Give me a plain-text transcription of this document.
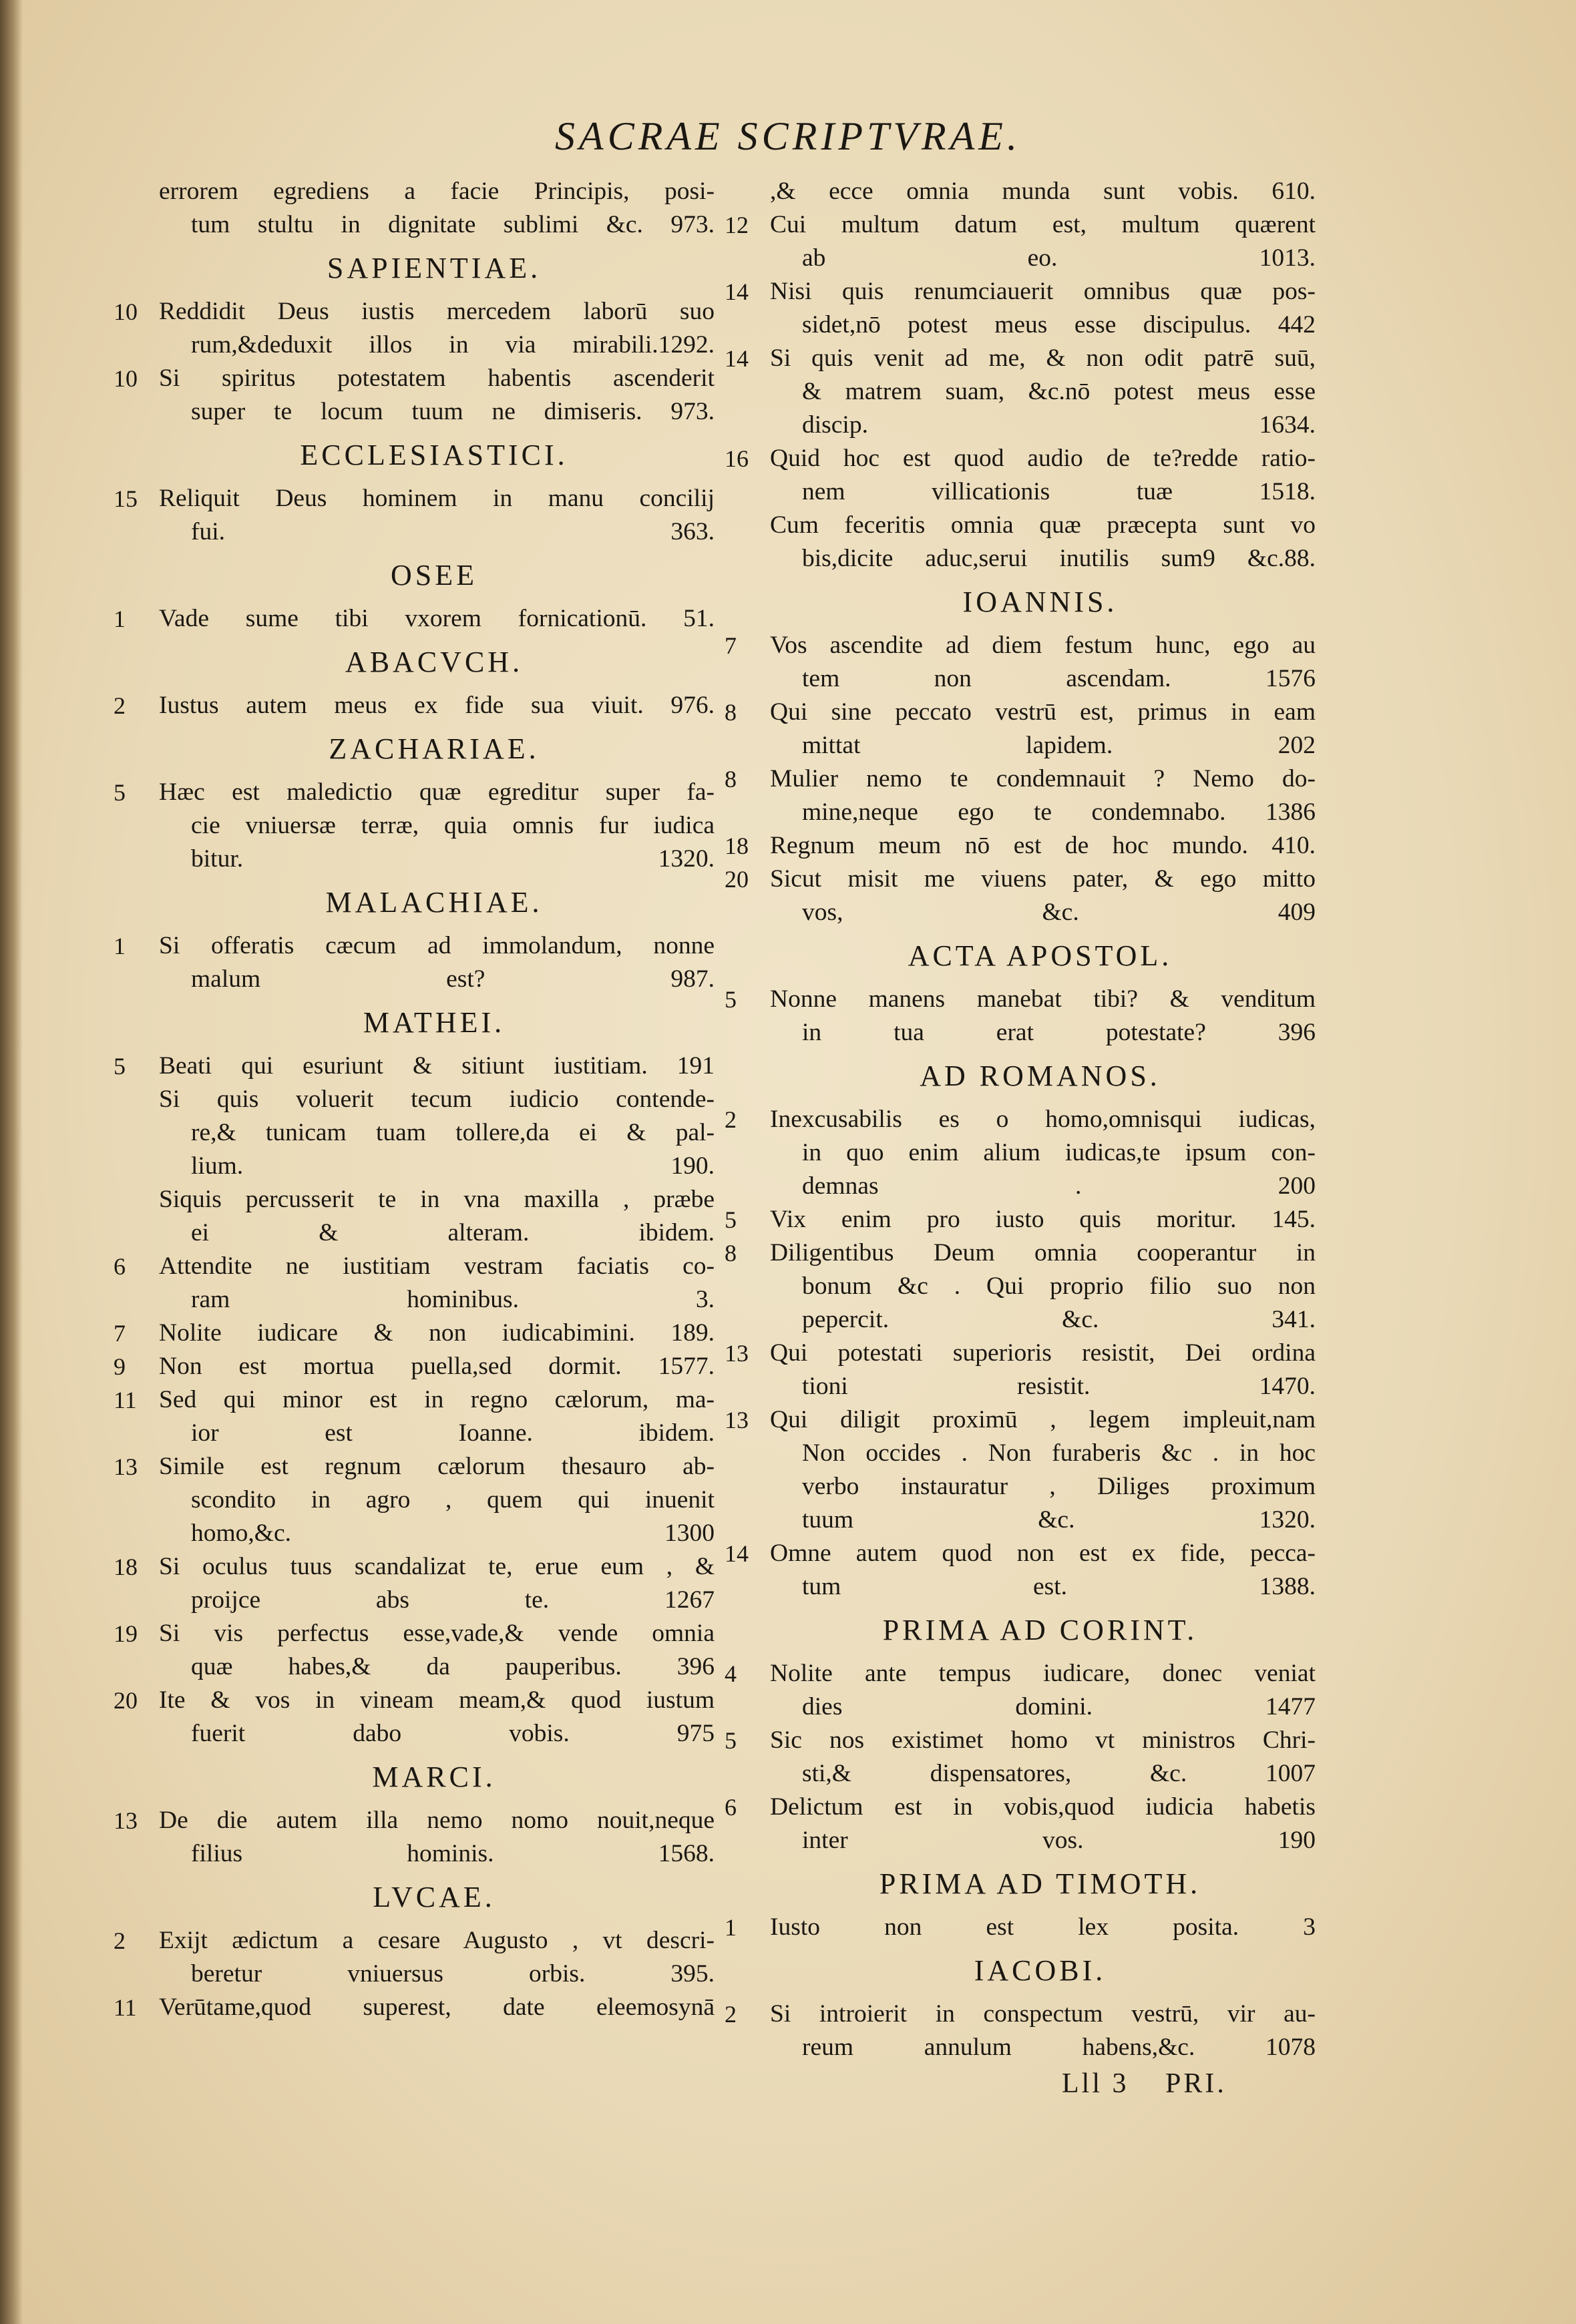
SACRAE SCRIPTVRAE.
errorem egrediens a facie Principis, posi-
tum stultu in dignitate sublimi &c. 973.
SAPIENTIAE.
10 Reddidit Deus iustis mercedem laborū suo
rum,&deduxit illos in via mirabili.1292.
10 Si spiritus potestatem habentis ascenderit
super te locum tuum ne dimiseris. 973.
ECCLESIASTICI.
15 Reliquit Deus hominem in manu concilij
fui. 363.
OSEE
1	Vade sume tibi vxorem fornicationū. 51.
ABACVCH.
2	Iustus autem meus ex fide sua viuit. 976.
ZACHARIAE.
5	Hæc est maledictio quæ egreditur super fa-
cie vniuersæ terræ, quia omnis fur iudica
bitur. 1320.
MALACHIAE.
1	Si offeratis cæcum ad immolandum, nonne
malum est? 987.
MATHEI.
5	Beati qui esuriunt & sitiunt iustitiam. 191
Si quis voluerit tecum iudicio contende-
re,& tunicam tuam tollere,da ei & pal-
lium. 190.
Siquis percusserit te in vna maxilla , præbe
ei & alteram. ibidem.
6	Attendite ne iustitiam vestram faciatis co-
ram hominibus. 3.
7	Nolite iudicare & non iudicabimini. 189.
9	Non est mortua puella,sed dormit. 1577.
11 Sed qui minor est in regno cælorum, ma-
ior est Ioanne. ibidem.
13 Simile est regnum cælorum thesauro ab-
scondito in agro , quem qui inuenit
homo,&c. 1300
18 Si oculus tuus scandalizat te, erue eum , &
proijce abs te. 1267
19 Si vis perfectus esse,vade,& vende omnia
quæ habes,& da pauperibus. 396
20 Ite & vos in vineam meam,& quod iustum
fuerit dabo vobis. 975
MARCI.
13 De die autem illa nemo nomo nouit,neque
filius hominis. 1568.
LVCAE.
2	Exijt ædictum a cesare Augusto , vt descri-
beretur vniuersus orbis. 395.
11 Verūtame,quod superest, date eleemosynā
,& ecce omnia munda sunt vobis. 610.
12 Cui multum datum est, multum quærent
ab eo. 1013.
14 Nisi quis renumciauerit omnibus quæ pos-
sidet,nō potest meus esse discipulus. 442
14 Si quis venit ad me, & non odit patrē suū,
& matrem suam, &c.nō potest meus esse
discip. 1634.
16 Quid hoc est quod audio de te?redde ratio-
nem villicationis tuæ 1518.
Cum feceritis omnia quæ præcepta sunt vo
bis,dicite aduc,serui inutilis sum9 &c.88.
IOANNIS.
7	Vos ascendite ad diem festum hunc, ego au
tem non ascendam. 1576
8	Qui sine peccato vestrū est, primus in eam
mittat lapidem. 202
8	Mulier nemo te condemnauit ? Nemo do-
mine,neque ego te condemnabo. 1386
18 Regnum meum nō est de hoc mundo. 410.
20 Sicut misit me viuens pater, & ego mitto
vos, &c. 409
ACTA APOSTOL.
5	Nonne manens manebat tibi? & venditum
in tua erat potestate? 396
AD ROMANOS.
2	Inexcusabilis es o homo,omnisqui iudicas,
in quo enim alium iudicas,te ipsum con-
demnas . 200
5	Vix enim pro iusto quis moritur. 145.
8	Diligentibus Deum omnia cooperantur in
bonum &c . Qui proprio filio suo non
pepercit. &c. 341.
13 Qui potestati superioris resistit, Dei ordina
tioni resistit. 1470.
13 Qui diligit proximū , legem impleuit,nam
Non occides . Non furaberis &c . in hoc
verbo instauratur , Diliges proximum
tuum &c. 1320.
14 Omne autem quod non est ex fide, pecca-
tum est. 1388.
PRIMA AD CORINT.
4	Nolite ante tempus iudicare, donec veniat
dies domini. 1477
5	Sic nos existimet homo vt ministros Chri-
sti,& dispensatores, &c. 1007
6	Delictum est in vobis,quod iudicia habetis
inter vos. 190
PRIMA AD TIMOTH.
1	Iusto non est lex posita. 3
IACOBI.
2	Si introierit in conspectum vestrū, vir au-
reum annulum habens,&c. 1078
Lll 3 PRI.
